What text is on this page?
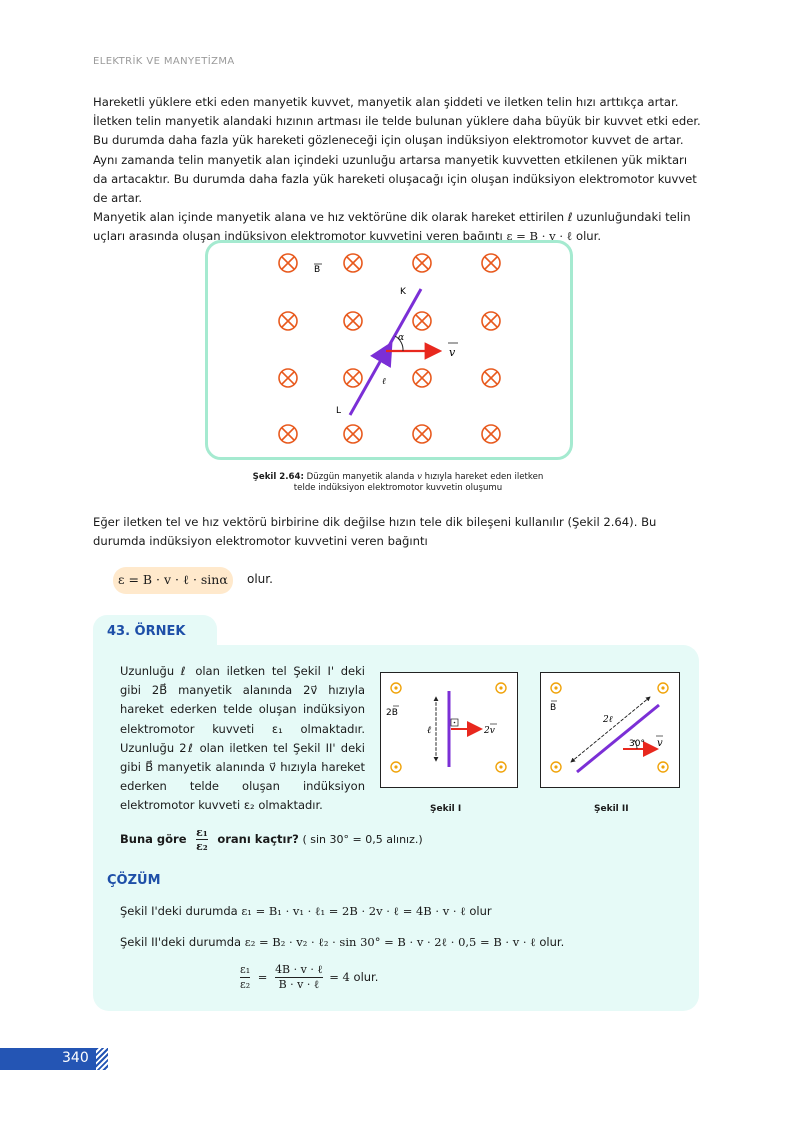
ELEKTRİK VE MANYETİZMA

Hareketli yüklere etki eden manyetik kuvvet, manyetik alan şiddeti ve iletken telin hızı arttıkça artar. İletken telin manyetik alandaki hızının artması ile telde bulunan yüklere daha büyük bir kuvvet etki eder. Bu durumda daha fazla yük hareketi gözleneceği için oluşan indüksiyon elektromotor kuvvet de artar. Aynı zamanda telin manyetik alan içindeki uzunluğu artarsa manyetik kuvvetten etkilenen yük miktarı da artacaktır. Bu durumda daha fazla yük hareketi oluşacağı için oluşan indüksiyon elektromotor kuvvet de artar.

Manyetik alan içinde manyetik alana ve hız vektörüne dik olarak hareket ettirilen ℓ uzunluğundaki telin uçları arasında oluşan indüksiyon elektromotor kuvvetini veren bağıntı ε = B · v · ℓ olur.

α
v
B
K
L
ℓ
Şekil 2.64: Düzgün manyetik alanda v hızıyla hareket eden iletken
telde indüksiyon elektromotor kuvvetin oluşumu

Eğer iletken tel ve hız vektörü birbirine dik değilse hızın tele dik bileşeni kullanılır (Şekil 2.64). Bu durumda indüksiyon elektromotor kuvvetini veren bağıntı

ε = B · v · ℓ · sinα olur.
43. ÖRNEK

Uzunluğu ℓ olan iletken tel Şekil I' deki gibi 2B⃗ manyetik alanında 2v⃗ hızıyla hareket ederken telde oluşan indüksiyon elektromotor kuvveti ε₁ olmaktadır. Uzunluğu 2ℓ olan iletken tel Şekil II' deki gibi B⃗ manyetik alanında v⃗ hızıyla hareket ederken telde oluşan indüksiyon elektromotor kuvveti ε₂ olmaktadır.

2B
ℓ	2v
Şekil I
B
2ℓ
30° v
Şekil II
Buna göre $\frac{\text{ε₁}}{\text{ε₂}}$ oranı kaçtır? ( sin 30° = 0,5 alınız.)
ÇÖZÜM
Şekil I'deki durumda ε₁ = B₁ · v₁ · ℓ₁ = 2B · 2v · ℓ = 4B · v · ℓ olur
Şekil II'deki durumda ε₂ = B₂ · v₂ · ℓ₂ · sin 30° = B · v · 2ℓ · 0,5 = B · v · ℓ olur.
$\frac{\text{ε₁}}{\text{ε₂}}$ =
4B · v · ℓ
B · v · ℓ
= 4 olur.
340
